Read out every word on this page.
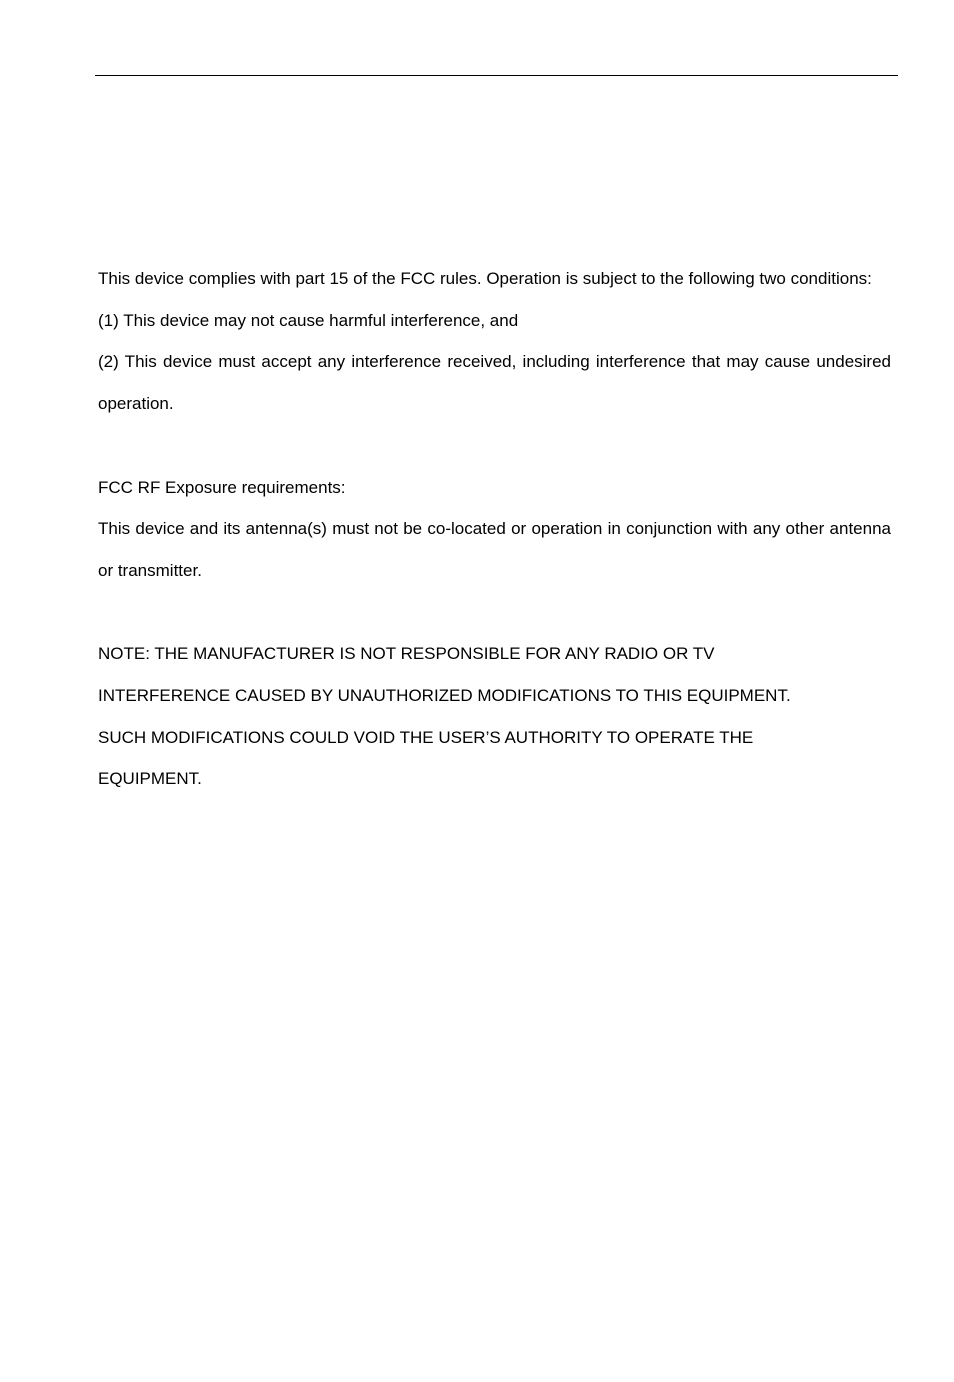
This device complies with part 15 of the FCC rules. Operation is subject to the following two conditions:

(1) This device may not cause harmful interference, and

(2) This device must accept any interference received, including interference that may cause undesired operation.

FCC RF Exposure requirements:

This device and its antenna(s) must not be co-located or operation in conjunction with any other antenna or transmitter.

NOTE: THE MANUFACTURER IS NOT RESPONSIBLE FOR ANY RADIO OR TV

INTERFERENCE CAUSED BY UNAUTHORIZED MODIFICATIONS TO THIS EQUIPMENT.

SUCH MODIFICATIONS COULD VOID THE USER’S AUTHORITY TO OPERATE THE

EQUIPMENT.
